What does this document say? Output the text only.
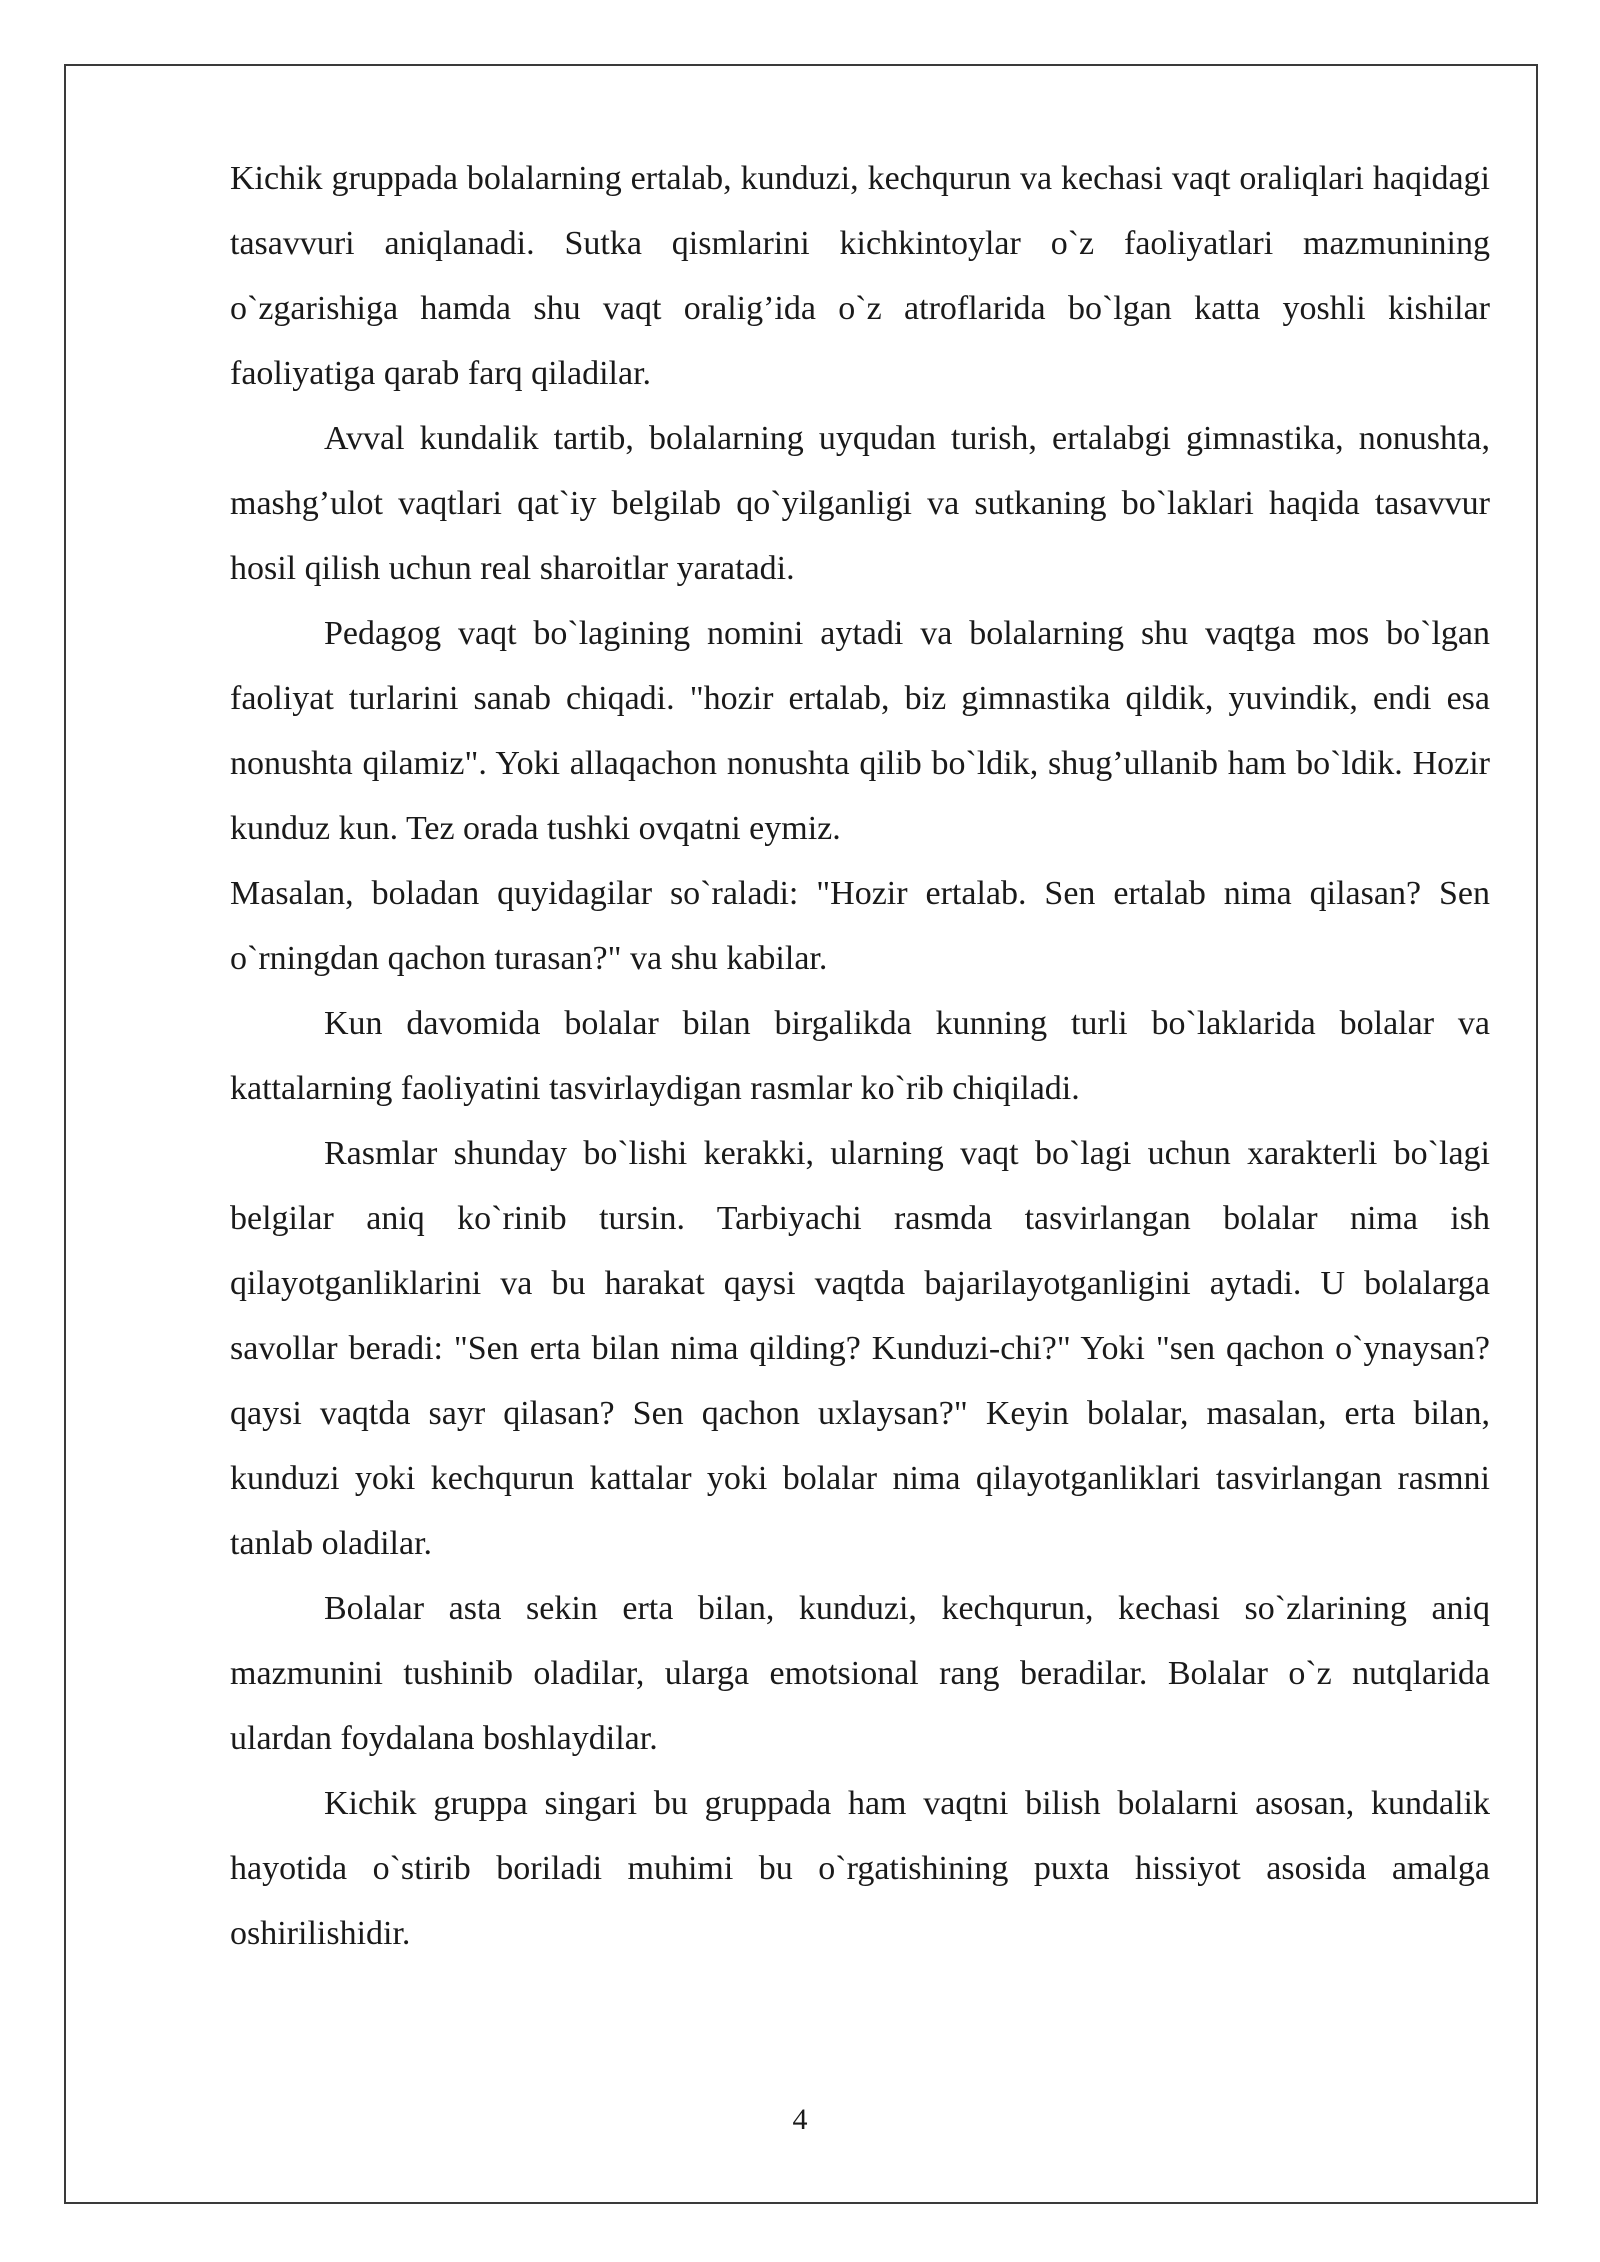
Kichik gruppada bolalarning ertalab, kunduzi, kechqurun va kechasi vaqt oraliqlari haqidagi tasavvuri aniqlanadi. Sutka qismlarini kichkintoylar o`z faoliyatlari mazmunining o`zgarishiga hamda shu vaqt oralig’ida o`z atroflarida bo`lgan katta yoshli kishilar faoliyatiga qarab farq qiladilar.

Avval kundalik tartib, bolalarning uyqudan turish, ertalabgi gimnastika, nonushta, mashg’ulot vaqtlari qat`iy belgilab qo`yilganligi va sutkaning bo`laklari haqida tasavvur hosil qilish uchun real sharoitlar yaratadi.

Pedagog vaqt bo`lagining nomini aytadi va bolalarning shu vaqtga mos bo`lgan faoliyat turlarini sanab chiqadi. "hozir ertalab, biz gimnastika qildik, yuvindik, endi esa nonushta qilamiz". Yoki allaqachon nonushta qilib bo`ldik, shug’ullanib ham bo`ldik. Hozir kunduz kun. Tez orada tushki ovqatni eymiz.

Masalan, boladan quyidagilar so`raladi: "Hozir ertalab. Sen ertalab nima qilasan? Sen o`rningdan qachon turasan?" va shu kabilar.

Kun davomida bolalar bilan birgalikda kunning turli bo`laklarida bolalar va kattalarning faoliyatini tasvirlaydigan rasmlar ko`rib chiqiladi.

Rasmlar shunday bo`lishi kerakki, ularning vaqt bo`lagi uchun xarakterli bo`lagi belgilar aniq ko`rinib tursin. Tarbiyachi rasmda tasvirlangan bolalar nima ish qilayotganliklarini va bu harakat qaysi vaqtda bajarilayotganligini aytadi. U bolalarga savollar beradi: "Sen erta bilan nima qilding? Kunduzi-chi?" Yoki "sen qachon o`ynaysan? qaysi vaqtda sayr qilasan? Sen qachon uxlaysan?" Keyin bolalar, masalan, erta bilan, kunduzi yoki kechqurun kattalar yoki bolalar nima qilayotganliklari tasvirlangan rasmni tanlab oladilar.

Bolalar asta sekin erta bilan, kunduzi, kechqurun, kechasi so`zlarining aniq mazmunini tushinib oladilar, ularga emotsional rang beradilar. Bolalar o`z nutqlarida ulardan foydalana boshlaydilar.

Kichik gruppa singari bu gruppada ham vaqtni bilish bolalarni asosan, kundalik hayotida o`stirib boriladi muhimi bu o`rgatishining puxta hissiyot asosida amalga oshirilishidir.

4
